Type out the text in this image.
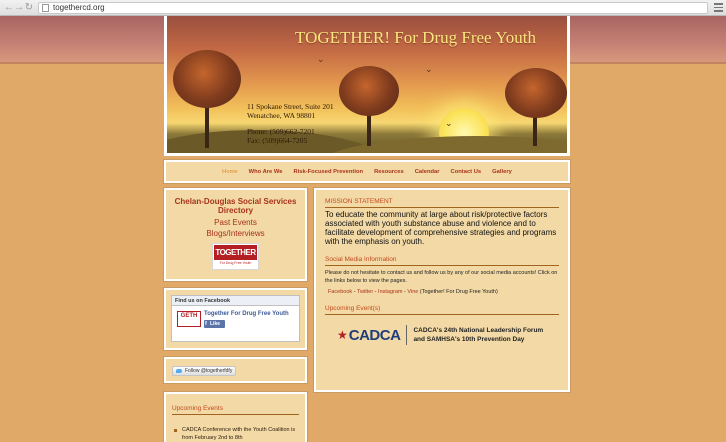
← → ↻	togethercd.org
⌄
⌄
⌄
TOGETHER! For Drug Free Youth
11 Spokane Street, Suite 201
Wenatchee, WA 98801
Phone: (509)662-7201
Fax: (509)664-7205
Home Who Are We Risk-Focused Prevention Resources Calendar Contact Us Gallery
Chelan-Douglas Social Services Directory
Past Events
Blogs/Interviews
TOGETHER
For Drug Free Youth
Find us on Facebook
GETH	Together For Drug Free Youth
f Like
Follow @togetherfdfy
Upcoming Events
CADCA Conference with the Youth Coalition is from February 2nd to 8th
MISSION STATEMENT
To educate the community at large about risk/protective factors associated with youth substance abuse and violence and to facilitate development of comprehensive strategies and programs with the emphasis on youth.
Social Media Information
Please do not hesitate to contact us and follow us by any of our social media accounts! Click on the links below to view the pages.
Facebook - Twitter - Instagram - Vine (Together! For Drug Free Youth)
Upcoming Event(s)
★ CADCA CADCA's 24th National Leadership Forum
and SAMHSA's 10th Prevention Day
